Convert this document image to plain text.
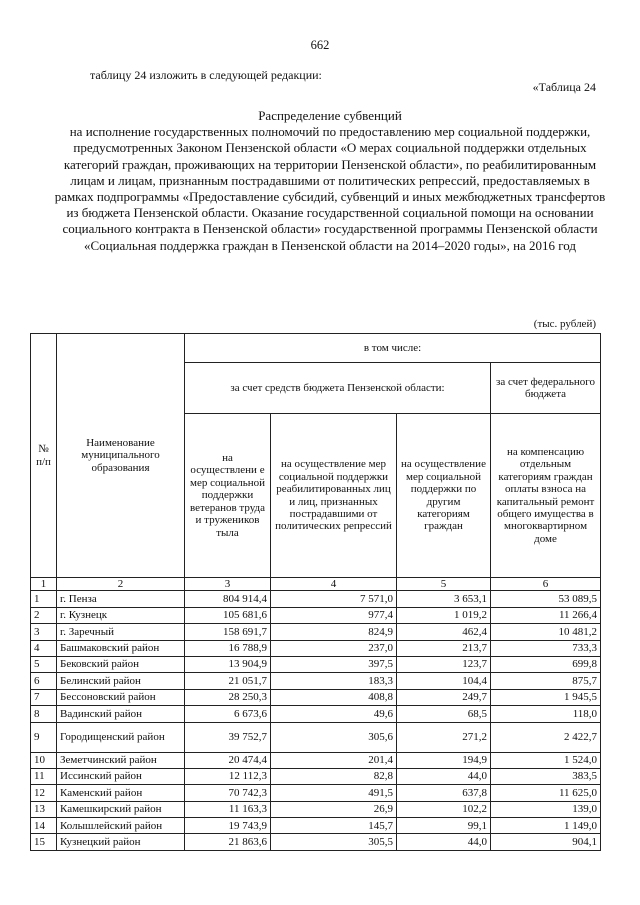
662
таблицу 24 изложить в следующей редакции:
«Таблица 24
Распределение субвенций
на исполнение государственных полномочий по предоставлению мер социальной поддержки, предусмотренных Законом Пензенской области «О мерах социальной поддержки отдельных категорий граждан, проживающих на территории Пензенской области», по реабилитированным лицам и лицам, признанным пострадавшими от политических репрессий, предоставляемых в рамках подпрограммы «Предоставление субсидий, субвенций и иных межбюджетных трансфертов из бюджета Пензенской области. Оказание государственной социальной помощи на основании социального контракта в Пензенской области» государственной программы Пензенской области «Социальная поддержка граждан в Пензенской области на 2014–2020 годы», на 2016 год
(тыс. рублей)
№ п/п	Наименование муниципального образования	в том числе:			
		за счет средств бюджета Пензенской области:			за счет федерального бюджета
		на осуществлени е мер социальной поддержки ветеранов труда и тружеников тыла	на осуществление мер социальной поддержки реабилитированных лиц и лиц, признанных пострадавшими от политических репрессий	на осуществление мер социальной поддержки по другим категориям граждан	на компенсацию отдельным категориям граждан оплаты взноса на капитальный ремонт общего имущества в многоквартирном доме
1	2	3	4	5	6
1	г. Пенза	804 914,4	7 571,0	3 653,1	53 089,5
2	г. Кузнецк	105 681,6	977,4	1 019,2	11 266,4
3	г. Заречный	158 691,7	824,9	462,4	10 481,2
4	Башмаковский район	16 788,9	237,0	213,7	733,3
5	Бековский район	13 904,9	397,5	123,7	699,8
6	Белинский район	21 051,7	183,3	104,4	875,7
7	Бессоновский район	28 250,3	408,8	249,7	1 945,5
8	Вадинский район	6 673,6	49,6	68,5	118,0
9	Городищенский район	39 752,7	305,6	271,2	2 422,7
10	Земетчинский район	20 474,4	201,4	194,9	1 524,0
11	Иссинский район	12 112,3	82,8	44,0	383,5
12	Каменский район	70 742,3	491,5	637,8	11 625,0
13	Камешкирский район	11 163,3	26,9	102,2	139,0
14	Колышлейский район	19 743,9	145,7	99,1	1 149,0
15	Кузнецкий район	21 863,6	305,5	44,0	904,1
